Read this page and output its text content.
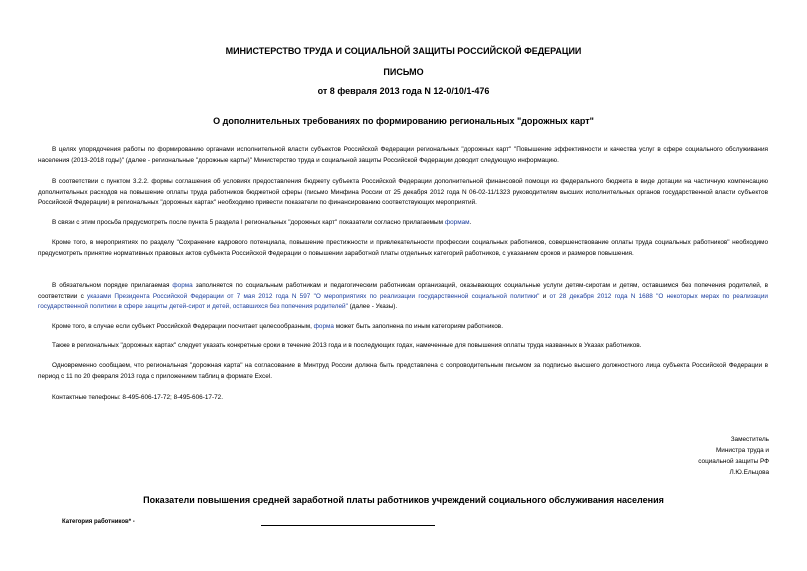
МИНИСТЕРСТВО ТРУДА И СОЦИАЛЬНОЙ ЗАЩИТЫ РОССИЙСКОЙ ФЕДЕРАЦИИ
ПИСЬМО
от 8 февраля 2013 года N 12-0/10/1-476
О дополнительных требованиях по формированию региональных "дорожных карт"

В целях упорядочения работы по формированию органами исполнительной власти субъектов Российской Федерации региональных "дорожных карт" "Повышение эффективности и качества услуг в сфере социального обслуживания населения (2013-2018 годы)" (далее - региональные "дорожные карты)" Министерство труда и социальной защиты Российской Федерации доводит следующую информацию.

В соответствии с пунктом 3.2.2. формы соглашения об условиях предоставления бюджету субъекта Российской Федерации дополнительной финансовой помощи из федерального бюджета в виде дотации на частичную компенсацию дополнительных расходов на повышение оплаты труда работников бюджетной сферы (письмо Минфина России от 25 декабря 2012 года N 06-02-11/1323 руководителям высших исполнительных органов государственной власти субъектов Российской Федерации) в региональных "дорожных картах" необходимо привести показатели по финансированию соответствующих мероприятий.

В связи с этим просьба предусмотреть после пункта 5 раздела I региональных "дорожных карт" показатели согласно прилагаемым формам.

Кроме того, в мероприятиях по разделу "Сохранение кадрового потенциала, повышение престижности и привлекательности профессии социальных работников, совершенствование оплаты труда социальных работников" необходимо предусмотреть принятие нормативных правовых актов субъекта Российской Федерации о повышении заработной платы отдельных категорий работников, с указанием сроков и размеров повышения.

В обязательном порядке прилагаемая форма заполняется по социальным работникам и педагогическим работникам организаций, оказывающих социальные услуги детям-сиротам и детям, оставшимся без попечения родителей, в соответствии с указами Президента Российской Федерации от 7 мая 2012 года N 597 "О мероприятиях по реализации государственной социальной политики" и от 28 декабря 2012 года N 1688 "О некоторых мерах по реализации государственной политики в сфере защиты детей-сирот и детей, оставшихся без попечения родителей" (далее - Указы).

Кроме того, в случае если субъект Российской Федерации посчитает целесообразным, форма может быть заполнена по иным категориям работников.

Также в региональных "дорожных картах" следует указать конкретные сроки в течение 2013 года и в последующих годах, намеченные для повышения оплаты труда названных в Указах работников.

Одновременно сообщаем, что региональная "дорожная карта" на согласование в Минтруд России должна быть представлена с сопроводительным письмом за подписью высшего должностного лица субъекта Российской Федерации в период с 11 по 20 февраля 2013 года с приложением таблиц в формате Excel.

Контактные телефоны: 8-495-606-17-72; 8-495-606-17-72.

Заместитель
Министра труда и
социальной защиты РФ
Л.Ю.Ельцова
Показатели повышения средней заработной платы работников учреждений социального обслуживания населения
Категория работников* -
